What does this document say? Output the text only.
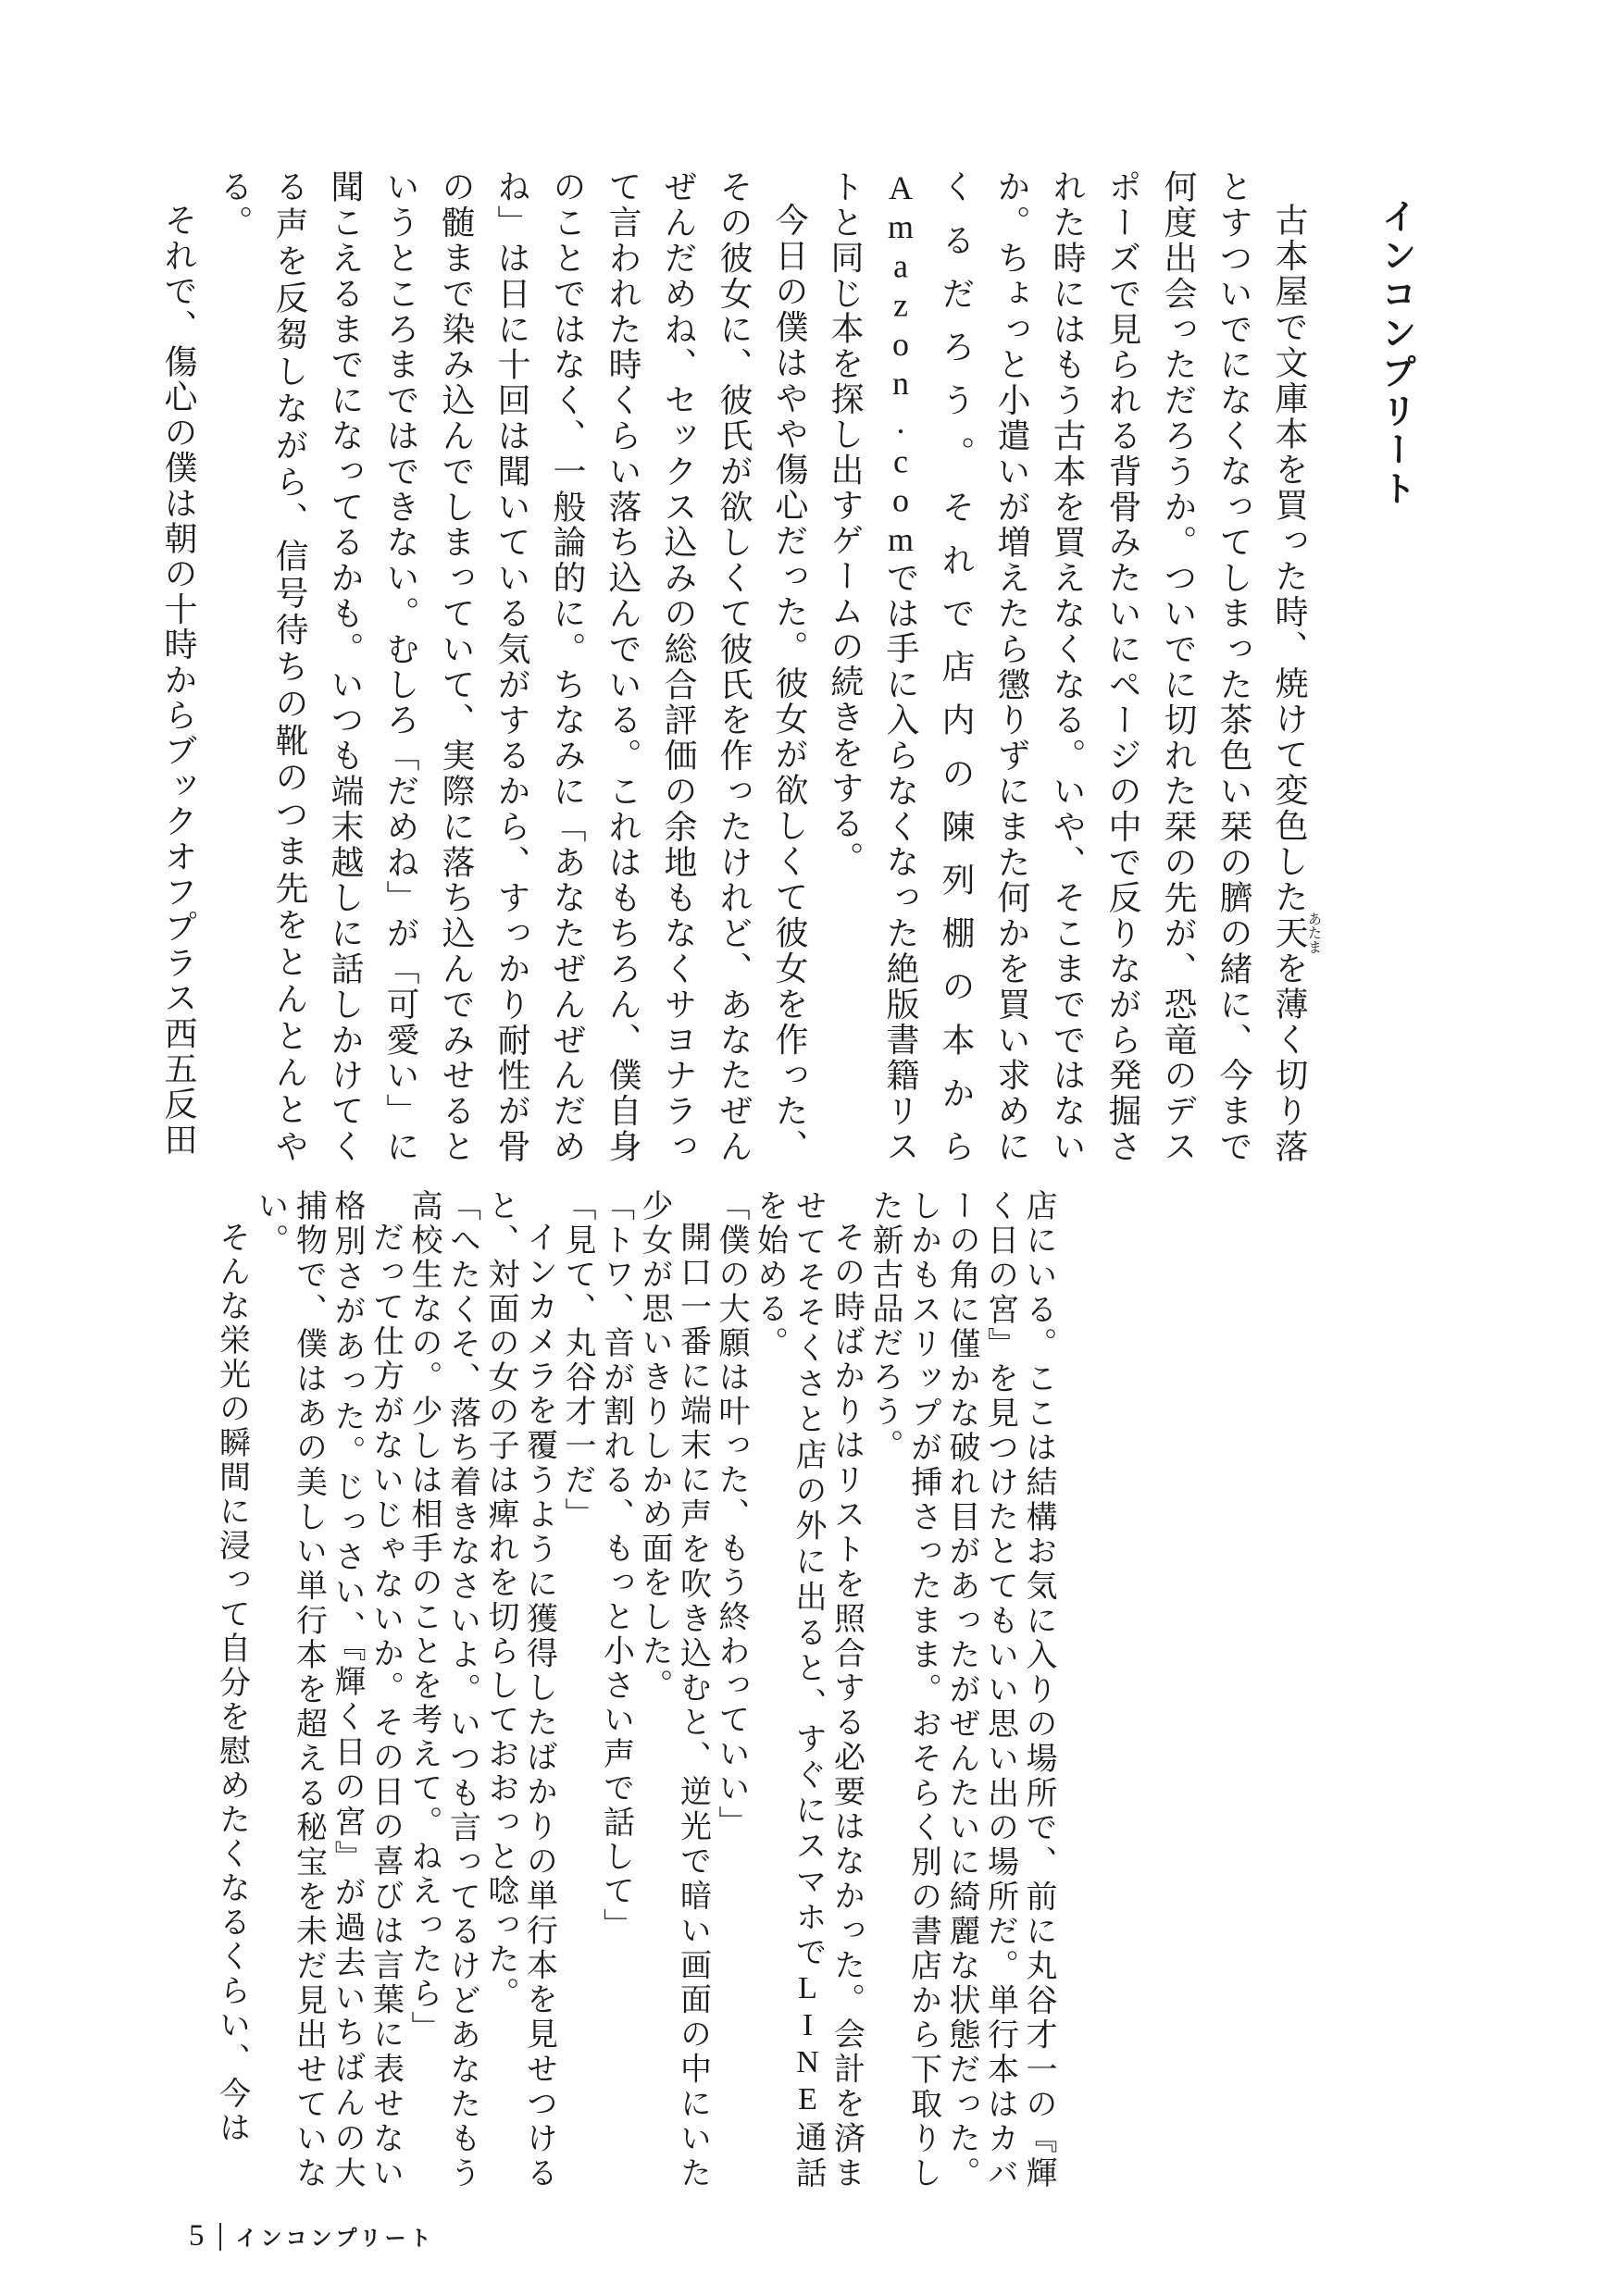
インコンプリート

古本屋で文庫本を買った時、焼けて変色した天あたまを薄く切り落とすついでになくなってしまった茶色い栞の臍の緒に、今まで何度出会っただろうか。ついでに切れた栞の先が、恐竜のデスポーズで見られる背骨みたいにページの中で反りながら発掘された時にはもう古本を買えなくなる。いや、そこまでではないか。ちょっと小遣いが増えたら懲りずにまた何かを買い求めにくるだろう。それで店内の陳列棚の本からAmazon.comでは手に入らなくなった絶版書籍リストと同じ本を探し出すゲームの続きをする。

今日の僕はやや傷心だった。彼女が欲しくて彼女を作った、その彼女に、彼氏が欲しくて彼氏を作ったけれど、あなたぜんぜんだめね、セックス込みの総合評価の余地もなくサヨナラって言われた時くらい落ち込んでいる。これはもちろん、僕自身のことではなく、一般論的に。ちなみに「あなたぜんぜんだめね」は日に十回は聞いている気がするから、すっかり耐性が骨の髄まで染み込んでしまっていて、実際に落ち込んでみせるというところまではできない。むしろ「だめね」が「可愛い」に聞こえるまでになってるかも。いつも端末越しに話しかけてくる声を反芻しながら、信号待ちの靴のつま先をとんとんとやる。

それで、傷心の僕は朝の十時からブックオフプラス西五反田

店にいる。ここは結構お気に入りの場所で、前に丸谷才一の『輝く日の宮』を見つけたとてもいい思い出の場所だ。単行本はカバーの角に僅かな破れ目があったがぜんたいに綺麗な状態だった。しかもスリップが挿さったまま。おそらく別の書店から下取りした新古品だろう。

その時ばかりはリストを照合する必要はなかった。会計を済ませてそそくさと店の外に出ると、すぐにスマホでLINE通話を始める。

「僕の大願は叶った、もう終わっていい」

開口一番に端末に声を吹き込むと、逆光で暗い画面の中にいた少女が思いきりしかめ面をした。

「トワ、音が割れる、もっと小さい声で話して」

「見て、丸谷才一だ」

インカメラを覆うように獲得したばかりの単行本を見せつけると、対面の女の子は痺れを切らしておおっと唸った。

「へたくそ、落ち着きなさいよ。いつも言ってるけどあなたもう高校生なの。少しは相手のことを考えて。ねえったら」

だって仕方がないじゃないか。その日の喜びは言葉に表せない格別さがあった。じっさい、『輝く日の宮』が過去いちばんの大捕物で、僕はあの美しい単行本を超える秘宝を未だ見出せていない。

そんな栄光の瞬間に浸って自分を慰めたくなるくらい、今は

5 インコンプリート
